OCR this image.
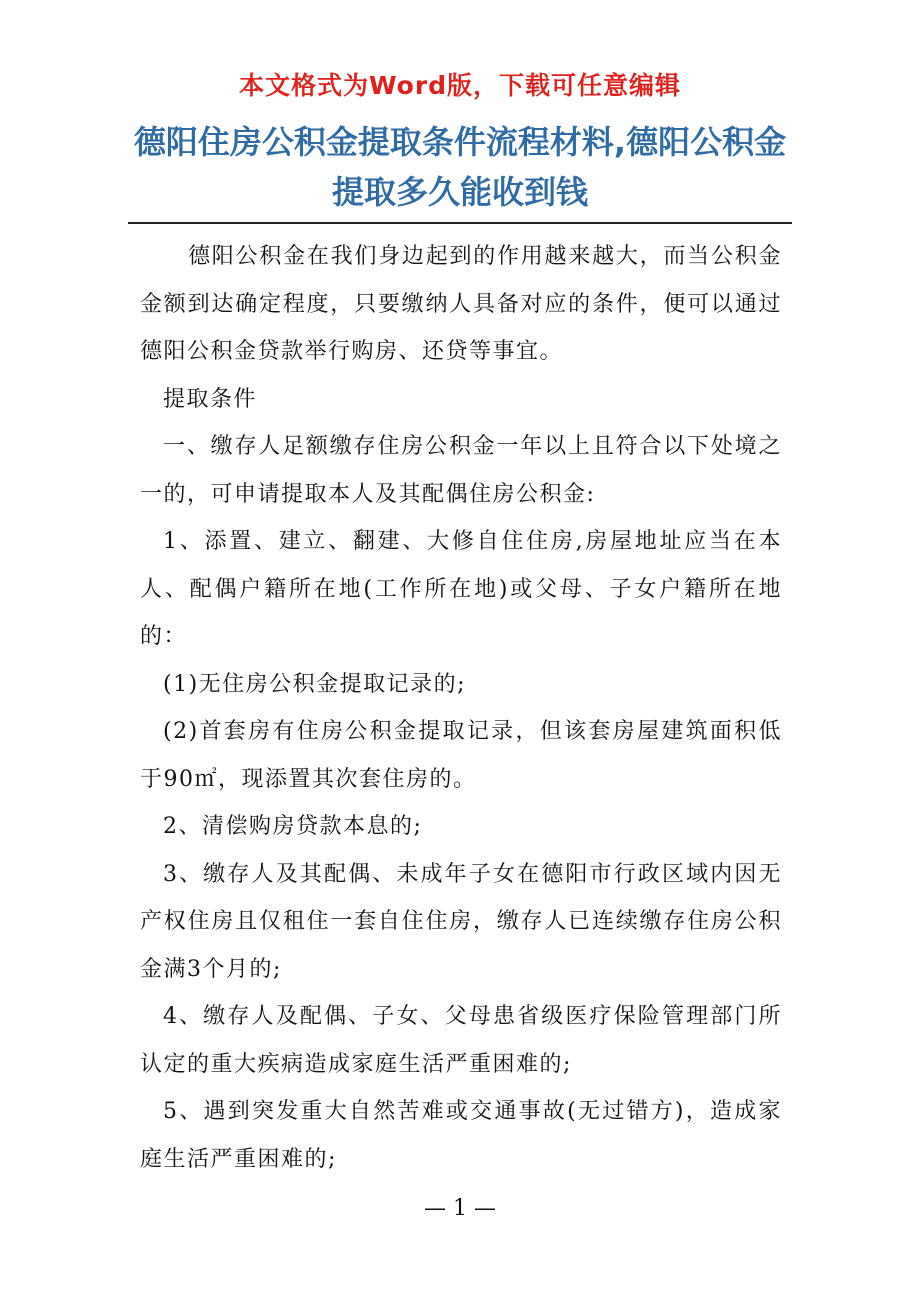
本文格式为Word版，下载可任意编辑
德阳住房公积金提取条件流程材料,德阳公积金提取多久能收到钱

德阳公积金在我们身边起到的作用越来越大，而当公积金金额到达确定程度，只要缴纳人具备对应的条件，便可以通过德阳公积金贷款举行购房、还贷等事宜。

提取条件

一、缴存人足额缴存住房公积金一年以上且符合以下处境之一的，可申请提取本人及其配偶住房公积金:

1、添置、建立、翻建、大修自住住房,房屋地址应当在本人、配偶户籍所在地(工作所在地)或父母、子女户籍所在地的：

(1)无住房公积金提取记录的;

(2)首套房有住房公积金提取记录，但该套房屋建筑面积低于90㎡，现添置其次套住房的。

2、清偿购房贷款本息的;

3、缴存人及其配偶、未成年子女在德阳市行政区域内因无产权住房且仅租住一套自住住房，缴存人已连续缴存住房公积金满3个月的;

4、缴存人及配偶、子女、父母患省级医疗保险管理部门所认定的重大疾病造成家庭生活严重困难的;

5、遇到突发重大自然苦难或交通事故(无过错方)，造成家庭生活严重困难的;

— 1 —
